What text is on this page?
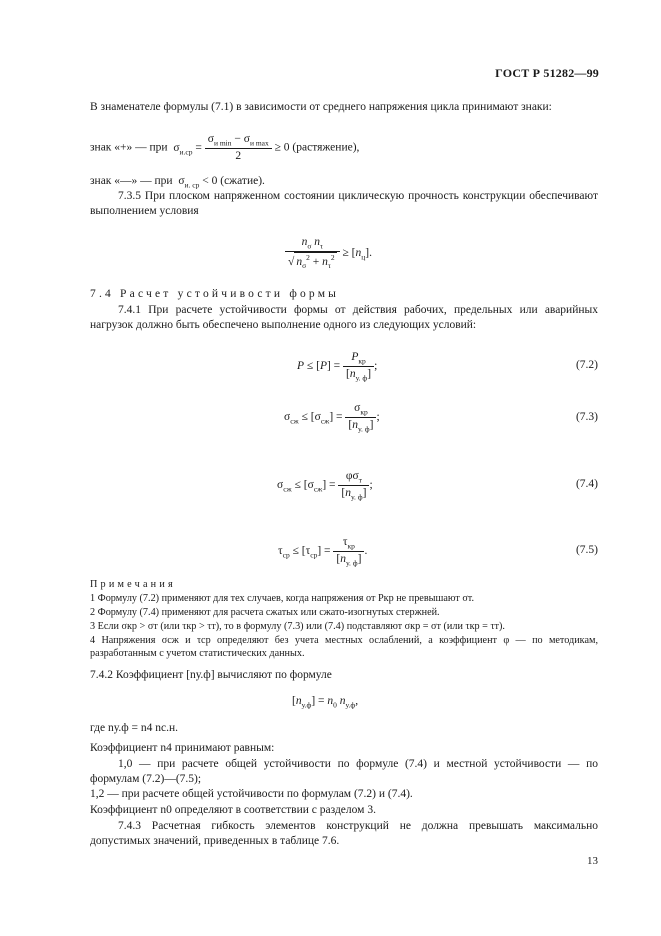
ГОСТ Р 51282—99
В знаменателе формулы (7.1) в зависимости от среднего напряжения цикла принимают знаки:
знак «+» — при  $\sigma_{и.ср} = \frac{\sigma_{и min} - \sigma_{и max}}{2} \ge 0$ (растяжение),
знак «—» — при  $\sigma_{и. ср} < 0$ (сжатие).
7.3.5 При плоском напряженном состоянии циклическую прочность конструкции обеспечивают выполнением условия
$\frac{n_\sigma n_\tau}{√ n_\sigma^2 + n_\tau^2} \ge [n_ц]$.
7.4 Расчет устойчивости формы
7.4.1 При расчете устойчивости формы от действия рабочих, предельных или аварийных нагрузок должно быть обеспечено выполнение одного из следующих условий:
$P \le [P] = \frac{P_{кр}}{[n_{у. ф}]}$ ;	(7.2)
$\sigma_{сж} \le [\sigma_{сж}] = \frac{\sigma_{кр}}{[n_{у. ф}]}$ ;	(7.3)
$\sigma_{сж} \le [\sigma_{сж}] = \frac{\varphi\sigma_т}{[n_{у. ф}]}$ ;	(7.4)
$\tau_{ср} \le [\tau_{ср}] = \frac{\tau_{кр}}{[n_{у. ф}]}$ .	(7.5)
Примечания
1 Формулу (7.2) применяют для тех случаев, когда напряжения от Pкр не превышают σт.
2 Формулу (7.4) применяют для расчета сжатых или сжато-изогнутых стержней.
3 Если σкр > σт (или τкр > τт), то в формулу (7.3) или (7.4) подставляют σкр = σт (или τкр = τт).
4 Напряжения σсж и τср определяют без учета местных ослаблений, а коэффициент φ — по методикам, разработанным с учетом статистических данных.
7.4.2 Коэффициент [nу.ф] вычисляют по формуле
$[n_{у.ф}] = n_0$ $n_{у.ф}$,
где nу.ф = n4 nс.н.
Коэффициент n4 принимают равным:
1,0 — при расчете общей устойчивости по формуле (7.4) и местной устойчивости — по формулам (7.2)—(7.5);
1,2 — при расчете общей устойчивости по формулам (7.2) и (7.4).
Коэффициент n0 определяют в соответствии с разделом 3.
7.4.3 Расчетная гибкость элементов конструкций не должна превышать максимально допустимых значений, приведенных в таблице 7.6.
13
